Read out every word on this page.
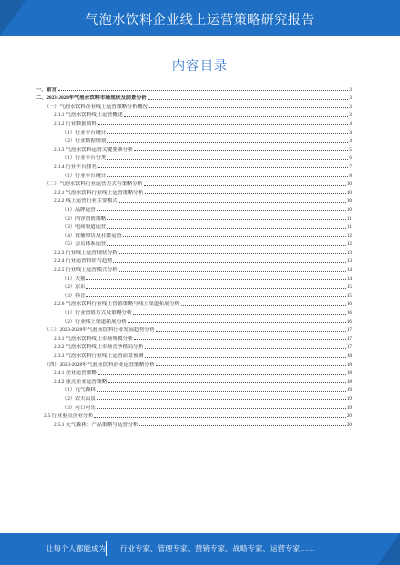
气泡水饮料企业线上运营策略研究报告
内容目录
一、前言	3
二、2023-2028年气泡水饮料市场现状及前景分析	3
（一）气泡水饮料企业线上运营策略分析概况	3
2.1.1 气泡水饮料线上运营概述	3
2.1.2 行业数据资料	4
（1）行业平台统计	4
（2）行业数据规划	4
2.1.3 气泡水饮料运营关键要素分析	5
（1）行业平台分类	6
2.1.4 行业平台排名	7
（1）行业平台统计	8
（二）气泡水饮料行业运营方式与策略分析	10
2.2.1 气泡水饮料行业线上运营策略分析	10
2.2.2 线上运营行业主要模式	10
（1）品牌运营	10
（2）内容营销策略	11
（3）电商渠道运营	11
（4）直播带货及社群运营	12
（5）会员体系运营	12
2.2.3 行业线上运营现状分析	13
2.2.4 行业运营特征与趋势	13
2.2.5 行业线上运营模式分析	14
（1）天猫	14
（2）京东	15
（3）抖音	15
2.2.6 气泡水饮料行业线上营销策略与线上渠道拓展分析	16
（1）行业营销方式及策略分析	16
（2）行业线上渠道拓展分析	16
（三）2023-2028年气泡水饮料行业发展趋势分析	17
2.3.1 气泡水饮料线上市场规模分析	17
2.3.2 气泡水饮料线上市场竞争格局分析	17
2.3.3 气泡水饮料行业线上运营前景预测	18
（四）2023-2028年气泡水饮料企业运营策略分析	18
2.4.1 企业运营策略	18
2.4.2 重点企业运营策略	18
（1）元气森林	19
（2）农夫山泉	19
（3）可口可乐	19
2.5 行业重点企业分析	20
2.5.1 元气森林：产品策略与运营分析	20
让每个人都能成为 行业专家、管理专家、营销专家、战略专家、运营专家……
